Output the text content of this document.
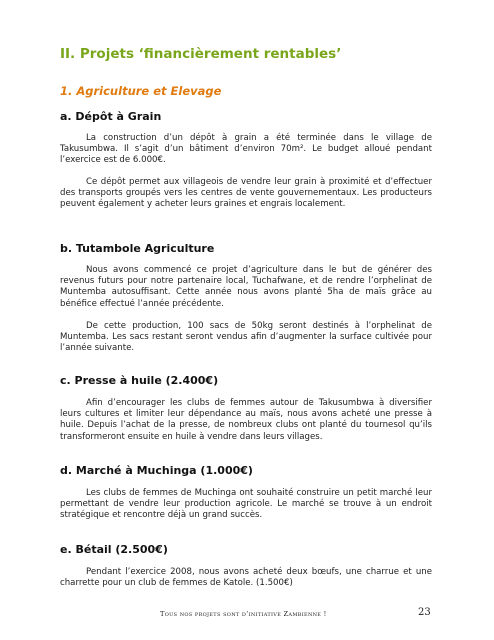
II. Projets ‘financièrement rentables’
1. Agriculture et Elevage
a. Dépôt à Grain

La construction d’un dépôt à grain a été terminée dans le village de Takusumbwa. Il s’agit d’un bâtiment d’environ 70m². Le budget alloué pendant l’exercice est de 6.000€.

Ce dépôt permet aux villageois de vendre leur grain à proximité et d’effectuer des transports groupés vers les centres de vente gouvernementaux. Les producteurs peuvent également y acheter leurs graines et engrais localement.

b. Tutambole Agriculture

Nous avons commencé ce projet d’agriculture dans le but de générer des revenus futurs pour notre partenaire local, Tuchafwane, et de rendre l’orphelinat de Muntemba autosuffisant. Cette année nous avons planté 5ha de maïs grâce au bénéfice effectué l’année précédente.

De cette production, 100 sacs de 50kg seront destinés à l’orphelinat de Muntemba. Les sacs restant seront vendus afin d’augmenter la surface cultivée pour l’année suivante.

c. Presse à huile (2.400€)

Afin d’encourager les clubs de femmes autour de Takusumbwa à diversifier leurs cultures et limiter leur dépendance au maïs, nous avons acheté une presse à huile. Depuis l’achat de la presse, de nombreux clubs ont planté du tournesol qu’ils transformeront ensuite en huile à vendre dans leurs villages.

d. Marché à Muchinga (1.000€)

Les clubs de femmes de Muchinga ont souhaité construire un petit marché leur permettant de vendre leur production agricole. Le marché se trouve à un endroit stratégique et rencontre déjà un grand succès.

e. Bétail (2.500€)

Pendant l’exercice 2008, nous avons acheté deux bœufs, une charrue et une charrette pour un club de femmes de Katole. (1.500€)

Tous nos projets sont d’initiative Zambienne !	23
